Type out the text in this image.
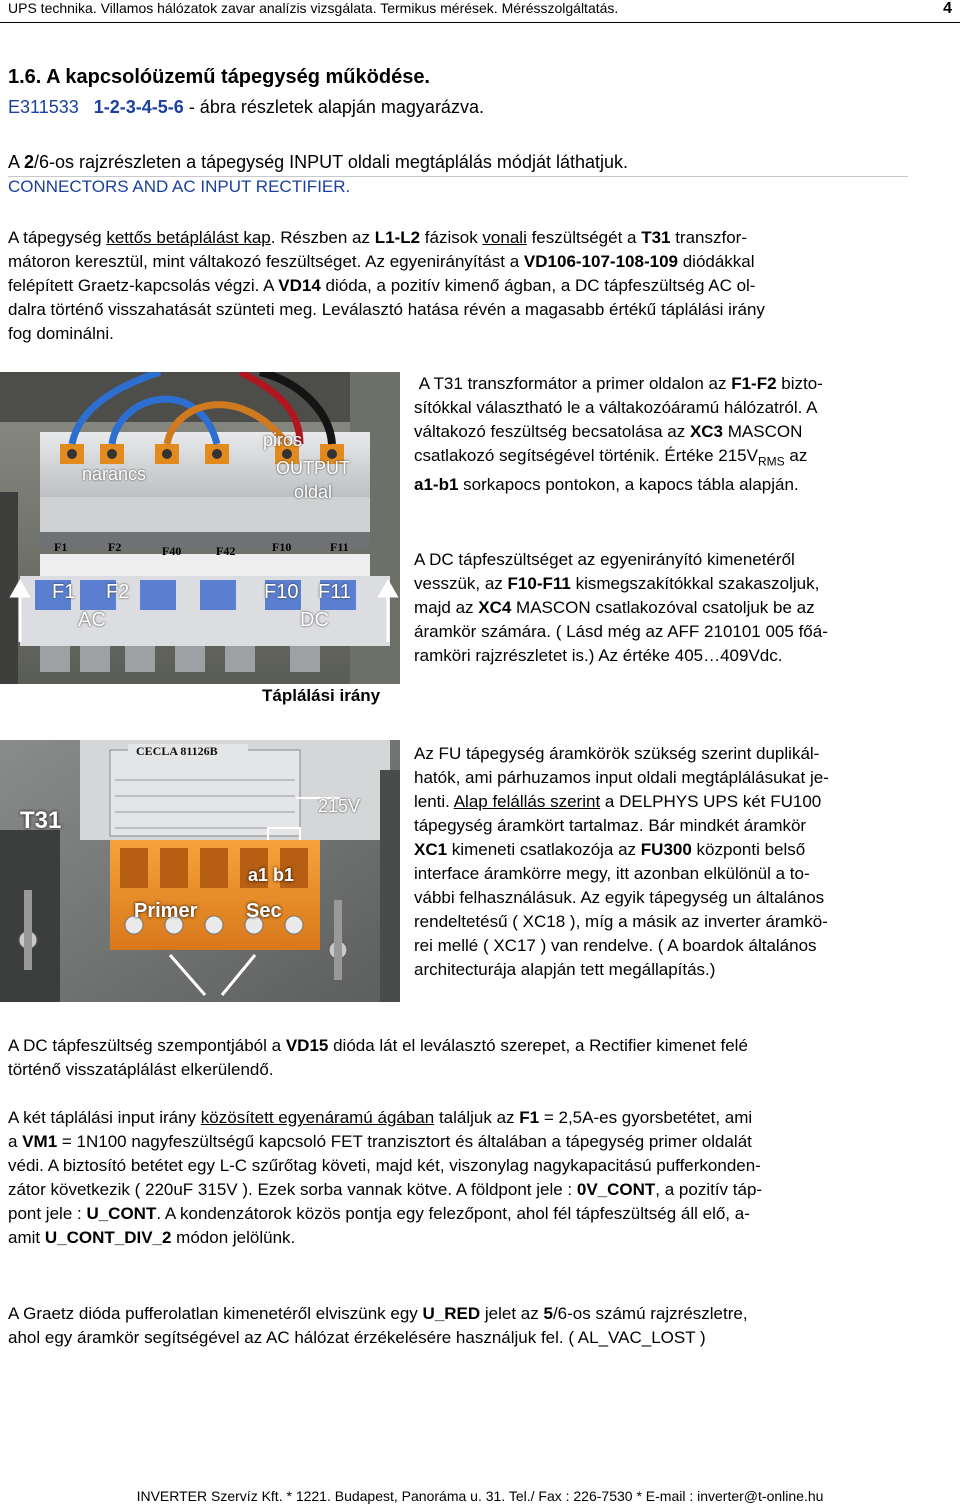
UPS technika. Villamos hálózatok zavar analízis vizsgálata. Termikus mérések. Mérésszolgáltatás.	4
1.6. A kapcsolóüzemű tápegység működése.
E311533 1-2-3-4-5-6 - ábra részletek alapján magyarázva.
A 2/6-os rajzrészleten a tápegység INPUT oldali megtáplálás módját láthatjuk.
CONNECTORS AND AC INPUT RECTIFIER.
A tápegység kettős betáplálást kap. Részben az L1-L2 fázisok vonali feszültségét a T31 transzfor-
mátoron keresztül, mint váltakozó feszültséget. Az egyenirányítást a VD106-107-108-109 diódákkal
felépített Graetz-kapcsolás végzi. A VD14 dióda, a pozitív kimenő ágban, a DC tápfeszültség AC ol-
dalra történő visszahatását szünteti meg. Leválasztó hatása révén a magasabb értékű táplálási irány
fog dominálni.
F1	F2	F40	F42	F10	F11
narancs
piros
OUTPUT
oldal
F1 F2
AC
F10 F11
DC
Táplálási irány
A T31 transzformátor a primer oldalon az F1-F2 bizto-
sítókkal választható le a váltakozóáramú hálózatról. A
váltakozó feszültség becsatolása az XC3 MASCON
csatlakozó segítségével történik. Értéke $215V_{RMS}$ az
a1-b1 sorkapocs pontokon, a kapocs tábla alapján.
A DC tápfeszültséget az egyenirányító kimenetéről
vesszük, az F10-F11 kismegszakítókkal szakaszoljuk,
majd az XC4 MASCON csatlakozóval csatoljuk be az
áramkör számára. ( Lásd még az AFF 210101 005 főá-
ramköri rajzrészletet is.) Az értéke 405…409Vdc.
CECLA 81126B
T31
215V
a1 b1
Primer Sec
Az FU tápegység áramkörök szükség szerint duplikál-
hatók, ami párhuzamos input oldali megtáplálásukat je-
lenti. Alap felállás szerint a DELPHYS UPS két FU100
tápegység áramkört tartalmaz. Bár mindkét áramkör
XC1 kimeneti csatlakozója az FU300 központi belső
interface áramkörre megy, itt azonban elkülönül a to-
vábbi felhasználásuk. Az egyik tápegység un általános
rendeltetésű ( XC18 ), míg a másik az inverter áramkö-
rei mellé ( XC17 ) van rendelve. ( A boardok általános
architecturája alapján tett megállapítás.)
A DC tápfeszültség szempontjából a VD15 dióda lát el leválasztó szerepet, a Rectifier kimenet felé
történő visszatáplálást elkerülendő.
A két táplálási input irány közösített egyenáramú ágában találjuk az F1 = 2,5A-es gyorsbetétet, ami
a VM1 = 1N100 nagyfeszültségű kapcsoló FET tranzisztort és általában a tápegység primer oldalát
védi. A biztosító betétet egy L-C szűrőtag követi, majd két, viszonylag nagykapacitású pufferkonden-
zátor következik ( 220uF 315V ). Ezek sorba vannak kötve. A földpont jele : 0V_CONT, a pozitív táp-
pont jele : U_CONT. A kondenzátorok közös pontja egy felezőpont, ahol fél tápfeszültség áll elő, a-
amit U_CONT_DIV_2 módon jelölünk.
A Graetz dióda pufferolatlan kimenetéről elviszünk egy U_RED jelet az 5/6-os számú rajzrészletre,
ahol egy áramkör segítségével az AC hálózat érzékelésére használjuk fel. ( AL_VAC_LOST )
INVERTER Szervíz Kft. * 1221. Budapest, Panoráma u. 31. Tel./ Fax : 226-7530 * E-mail : inverter@t-online.hu
